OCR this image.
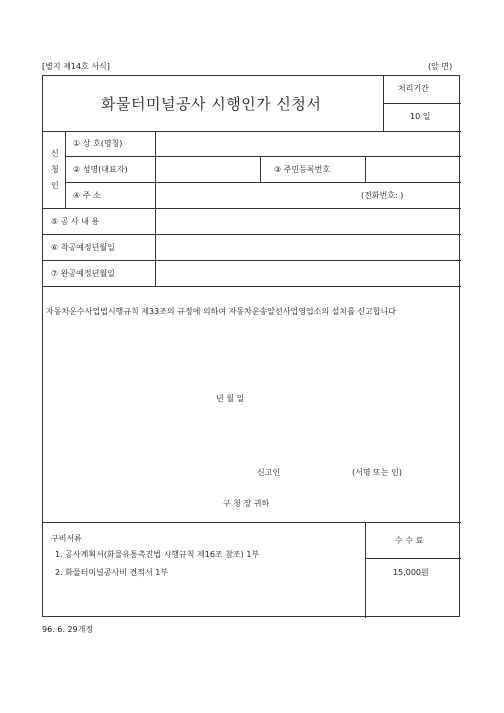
[별지 제14호 서식]	(앞 면)
화물터미널공사 시행인가 신청서
처리기간
10 일
신
청
인
① 상 호(명칭)
② 성명(대표자)	③ 주민등록번호
④ 주 소	(전화번호: )
⑤ 공 사 내 용
⑥ 착공예정년월일
⑦ 완공예정년월일
자동차운수사업법시행규칙 제33조의 규정에 의하여 자동차운송알선사업영업소의 설치를 신고합니다
년 월 일
신고인	(서명 또는 인)
구 청 장 귀하
구비서류
1. 공사계획서(화물유통촉진법 시행규칙 제16조 참조) 1부
2. 화물터미널공사비 견적서 1부
수 수 료
15,000원
96. 6. 29개정
